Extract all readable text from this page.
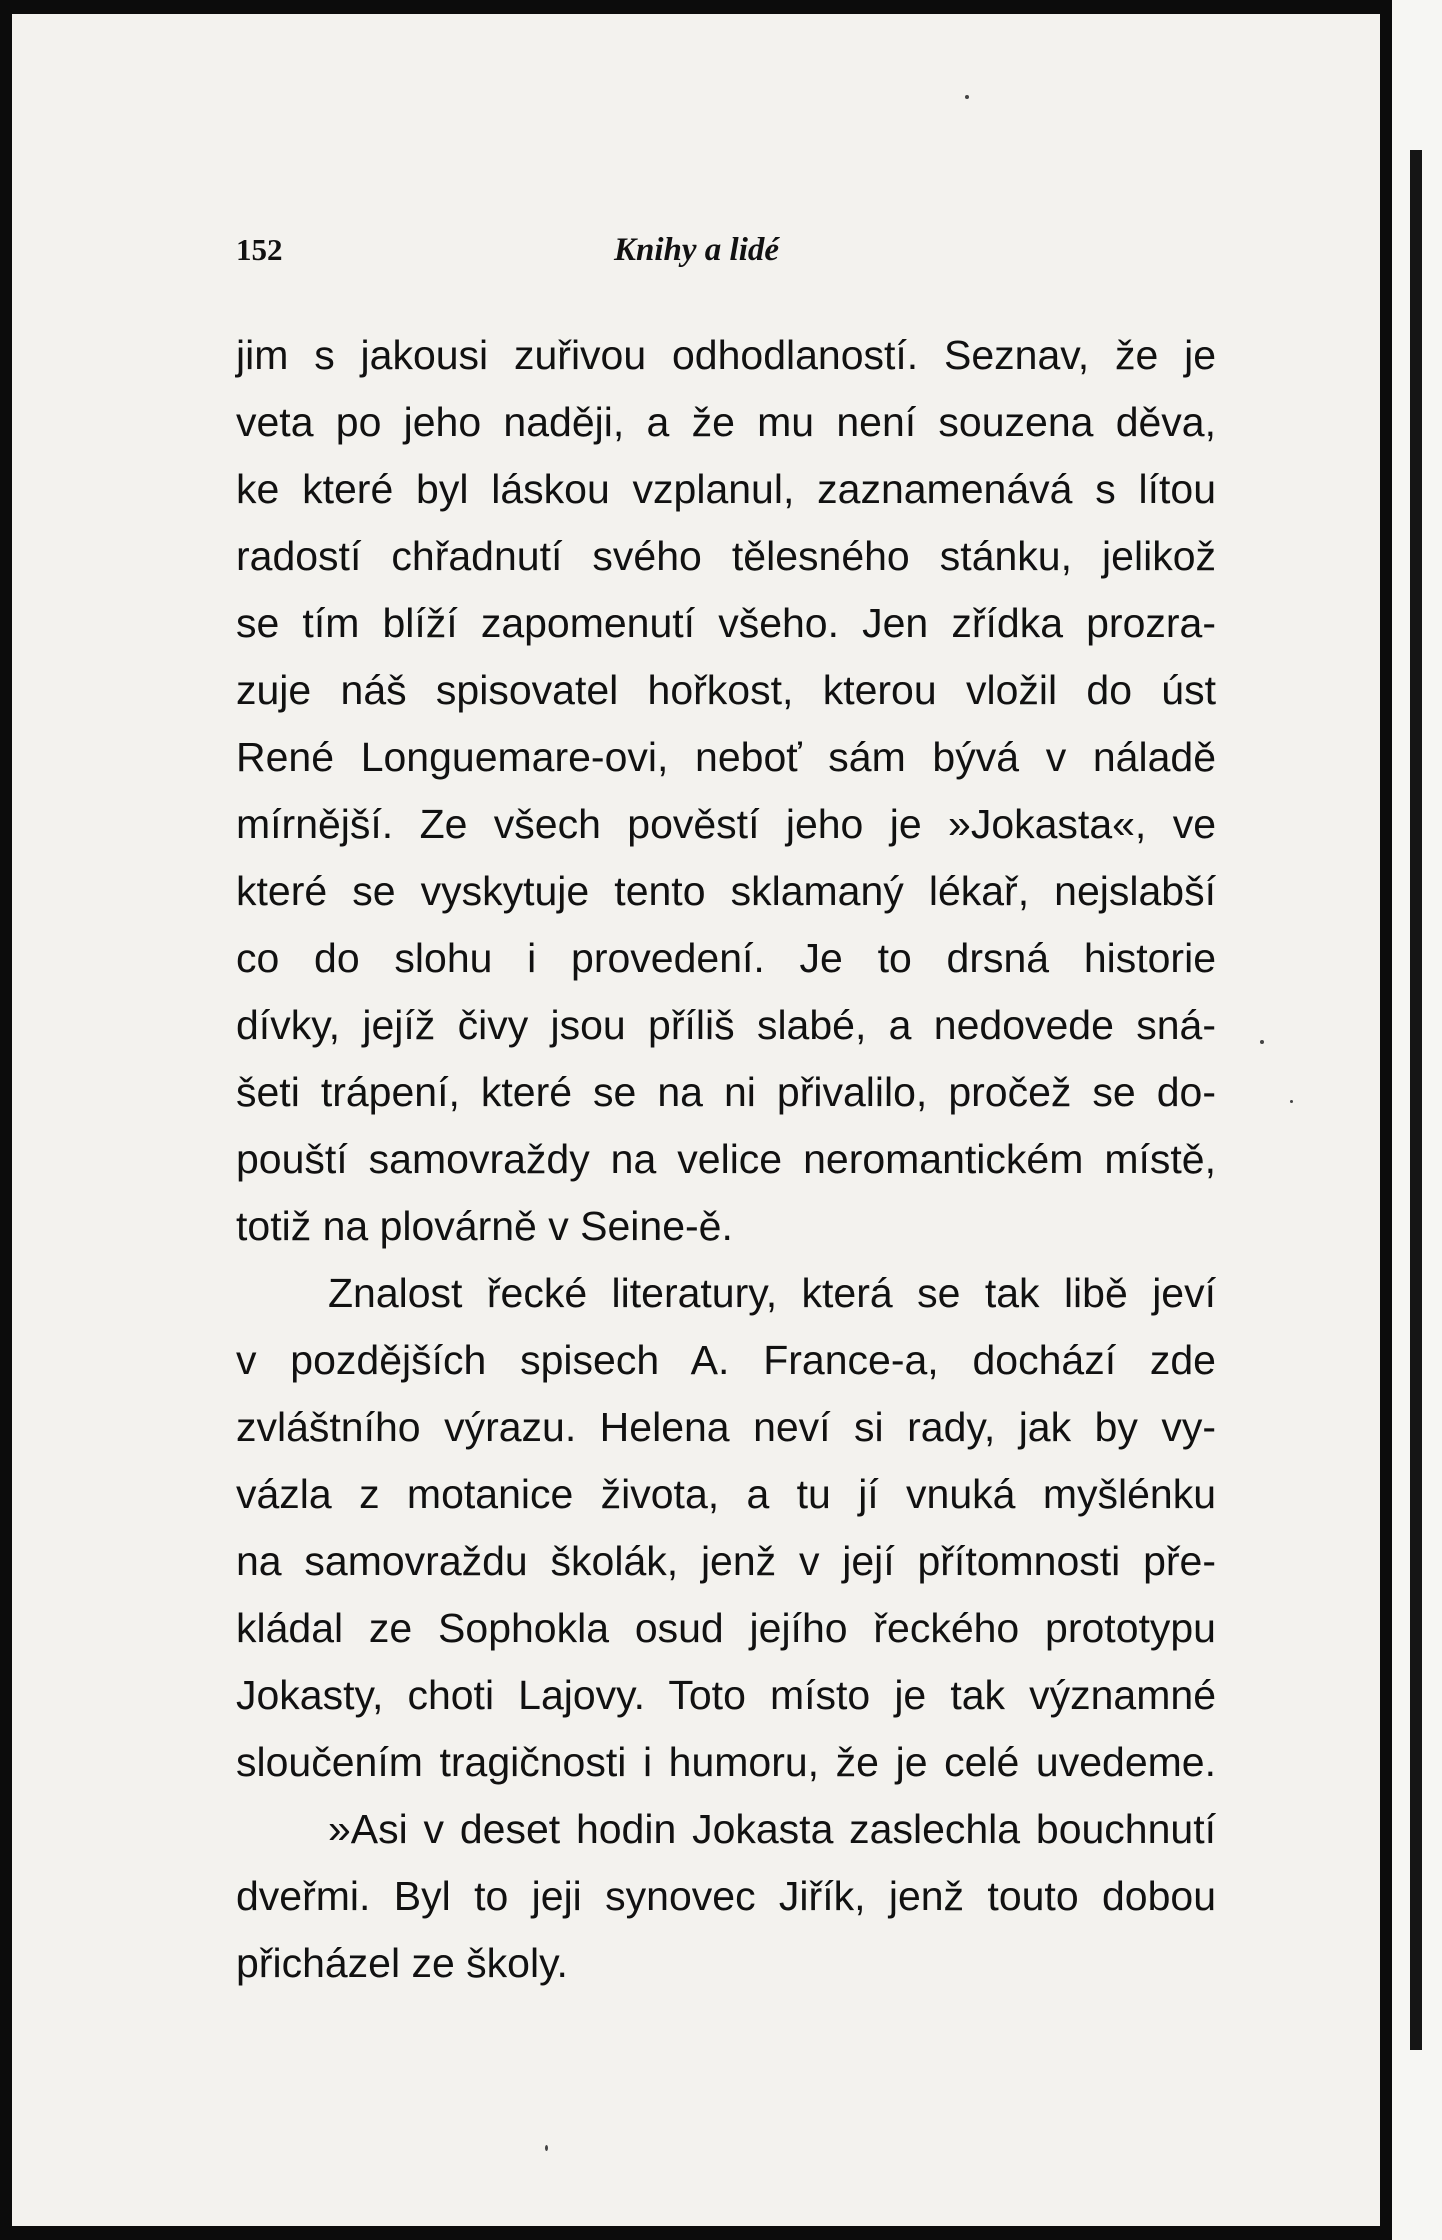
152	Knihy a lidé
jim s jakousi zuřivou odhodlaností. Seznav, že je
veta po jeho naději, a že mu není souzena děva,
ke které byl láskou vzplanul, zaznamenává s lítou
radostí chřadnutí svého tělesného stánku, jelikož
se tím blíží zapomenutí všeho. Jen zřídka prozra-
zuje náš spisovatel hořkost, kterou vložil do úst
René Longuemare-ovi, neboť sám bývá v náladě
mírnější. Ze všech pověstí jeho je »Jokasta«, ve
které se vyskytuje tento sklamaný lékař, nejslabší
co do slohu i provedení. Je to drsná historie
dívky, jejíž čivy jsou příliš slabé, a nedovede sná-
šeti trápení, které se na ni přivalilo, pročež se do-
pouští samovraždy na velice neromantickém místě,
totiž na plovárně v Seine-ě.
Znalost řecké literatury, která se tak libě jeví
v pozdějších spisech A. France-a, dochází zde
zvláštního výrazu. Helena neví si rady, jak by vy-
vázla z motanice života, a tu jí vnuká myšlénku
na samovraždu školák, jenž v její přítomnosti pře-
kládal ze Sophokla osud jejího řeckého prototypu
Jokasty, choti Lajovy. Toto místo je tak významné
sloučením tragičnosti i humoru, že je celé uvedeme.
»Asi v deset hodin Jokasta zaslechla bouchnutí
dveřmi. Byl to jeji synovec Jiřík, jenž touto dobou
přicházel ze školy.
